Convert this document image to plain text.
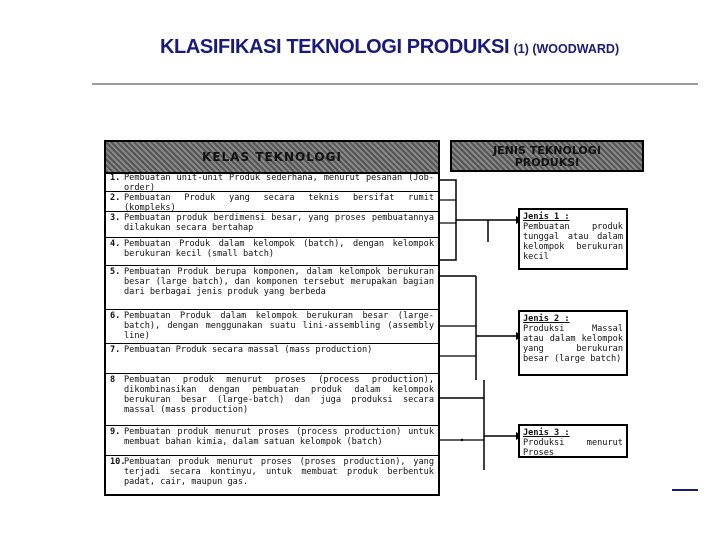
KLASIFIKASI TEKNOLOGI PRODUKSI (1) (WOODWARD)
KELAS TEKNOLOGI
1. Pembuatan unit-unit Produk sederhana, menurut pesanan (Job-order)
2. Pembuatan Produk yang secara teknis bersifat rumit (kompleks)
3. Pembuatan produk berdimensi besar, yang proses pembuatannya dilakukan secara bertahap
4. Pembuatan Produk dalam kelompok (batch), dengan kelompok berukuran kecil (small batch)
5. Pembuatan Produk berupa komponen, dalam kelompok berukuran besar (large batch), dan komponen tersebut merupakan bagian dari berbagai jenis produk yang berbeda
6. Pembuatan Produk dalam kelompok berukuran besar (large-batch), dengan menggunakan suatu lini-assembling (assembly line)
7. Pembuatan Produk secara massal (mass production)
8	Pembuatan produk menurut proses (process production), dikombinasikan dengan pembuatan produk dalam kelompok berukuran besar (large-batch) dan juga produksi secara massal (mass production)
9. Pembuatan produk menurut proses (process production) untuk membuat bahan kimia, dalam satuan kelompok (batch)
10.
Pembuatan produk menurut proses (proses production), yang terjadi secara kontinyu, untuk membuat produk berbentuk padat, cair, maupun gas.
JENIS TEKNOLOGI
PRODUKSI
Jenis 1 :
Pembuatan produk tunggal atau dalam kelompok berukuran kecil
Jenis 2 :
Produksi Massal atau dalam kelompok yang berukuran besar (large batch)
Jenis 3 :
Produksi menurut Proses
